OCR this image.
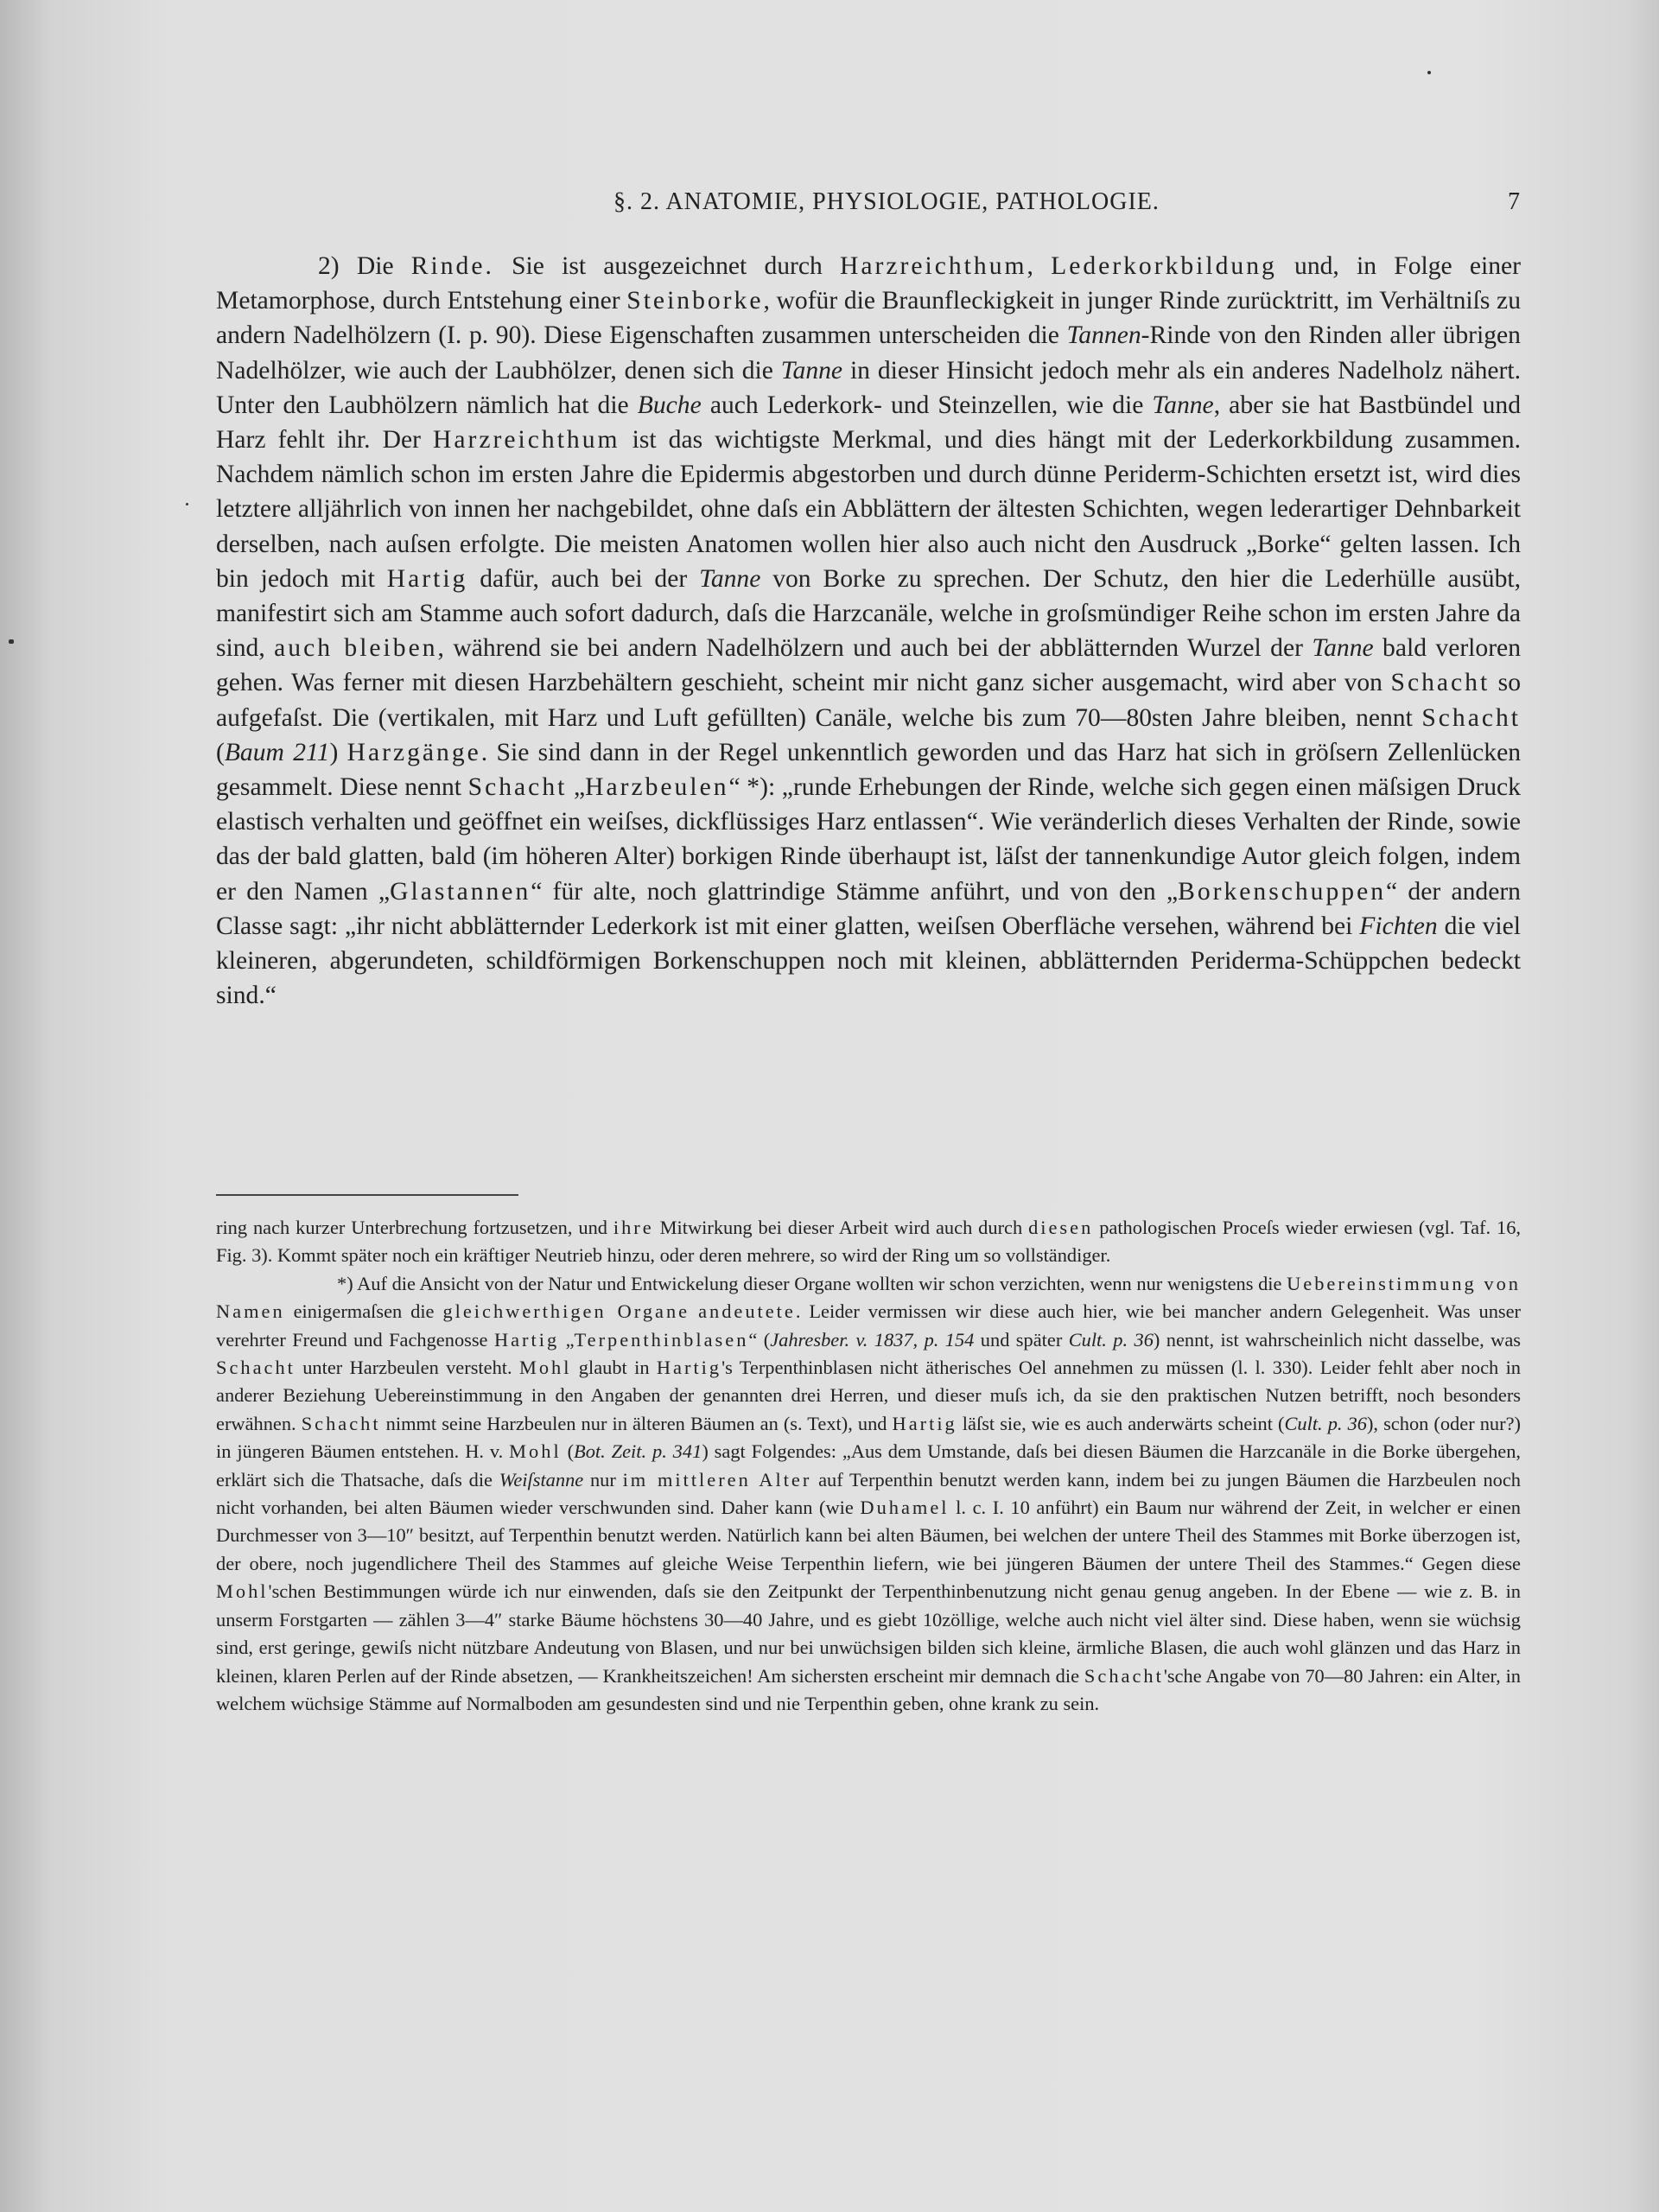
§. 2. ANATOMIE, PHYSIOLOGIE, PATHOLOGIE.	7

2) Die Rinde. Sie ist ausgezeichnet durch Harzreichthum, Lederkorkbildung und, in Folge einer Metamorphose, durch Entstehung einer Steinborke, wofür die Braunfleckigkeit in junger Rinde zurücktritt, im Verhältniſs zu andern Nadelhölzern (I. p. 90). Diese Eigenschaften zusammen unterscheiden die Tannen-Rinde von den Rinden aller übrigen Nadelhölzer, wie auch der Laubhölzer, denen sich die Tanne in dieser Hinsicht jedoch mehr als ein anderes Nadelholz nähert. Unter den Laubhölzern nämlich hat die Buche auch Lederkork- und Steinzellen, wie die Tanne, aber sie hat Bastbündel und Harz fehlt ihr. Der Harzreichthum ist das wichtigste Merkmal, und dies hängt mit der Lederkorkbildung zusammen. Nachdem nämlich schon im ersten Jahre die Epidermis abgestorben und durch dünne Periderm-Schichten ersetzt ist, wird dies letztere alljährlich von innen her nachgebildet, ohne daſs ein Abblättern der ältesten Schichten, wegen lederartiger Dehnbarkeit derselben, nach auſsen erfolgte. Die meisten Anatomen wollen hier also auch nicht den Ausdruck „Borke“ gelten lassen. Ich bin jedoch mit Hartig dafür, auch bei der Tanne von Borke zu sprechen. Der Schutz, den hier die Lederhülle ausübt, manifestirt sich am Stamme auch sofort dadurch, daſs die Harzcanäle, welche in groſsmündiger Reihe schon im ersten Jahre da sind, auch bleiben, während sie bei andern Nadelhölzern und auch bei der abblätternden Wurzel der Tanne bald verloren gehen. Was ferner mit diesen Harzbehältern geschieht, scheint mir nicht ganz sicher ausgemacht, wird aber von Schacht so aufgefaſst. Die (vertikalen, mit Harz und Luft gefüllten) Canäle, welche bis zum 70—80sten Jahre bleiben, nennt Schacht (Baum 211) Harzgänge. Sie sind dann in der Regel unkenntlich geworden und das Harz hat sich in gröſsern Zellenlücken gesammelt. Diese nennt Schacht „Harzbeulen“ *): „runde Erhebungen der Rinde, welche sich gegen einen mäſsigen Druck elastisch verhalten und geöffnet ein weiſses, dickflüssiges Harz entlassen“. Wie veränderlich dieses Verhalten der Rinde, sowie das der bald glatten, bald (im höheren Alter) borkigen Rinde überhaupt ist, läſst der tannenkundige Autor gleich folgen, indem er den Namen „Glastannen“ für alte, noch glattrindige Stämme anführt, und von den „Borkenschuppen“ der andern Classe sagt: „ihr nicht abblätternder Lederkork ist mit einer glatten, weiſsen Oberfläche versehen, während bei Fichten die viel kleineren, abgerundeten, schildförmigen Borkenschuppen noch mit kleinen, abblätternden Periderma-Schüppchen bedeckt sind.“

ring nach kurzer Unterbrechung fortzusetzen, und ihre Mitwirkung bei dieser Arbeit wird auch durch diesen pathologischen Proceſs wieder erwiesen (vgl. Taf. 16, Fig. 3). Kommt später noch ein kräftiger Neutrieb hinzu, oder deren mehrere, so wird der Ring um so vollständiger.

*) Auf die Ansicht von der Natur und Entwickelung dieser Organe wollten wir schon verzichten, wenn nur wenigstens die Uebereinstimmung von Namen einigermaſsen die gleichwerthigen Organe andeutete. Leider vermissen wir diese auch hier, wie bei mancher andern Gelegenheit. Was unser verehrter Freund und Fachgenosse Hartig „Terpenthinblasen“ (Jahresber. v. 1837, p. 154 und später Cult. p. 36) nennt, ist wahrscheinlich nicht dasselbe, was Schacht unter Harzbeulen versteht. Mohl glaubt in Hartig's Terpenthinblasen nicht ätherisches Oel annehmen zu müssen (l. l. 330). Leider fehlt aber noch in anderer Beziehung Uebereinstimmung in den Angaben der genannten drei Herren, und dieser muſs ich, da sie den praktischen Nutzen betrifft, noch besonders erwähnen. Schacht nimmt seine Harzbeulen nur in älteren Bäumen an (s. Text), und Hartig läſst sie, wie es auch anderwärts scheint (Cult. p. 36), schon (oder nur?) in jüngeren Bäumen entstehen. H. v. Mohl (Bot. Zeit. p. 341) sagt Folgendes: „Aus dem Umstande, daſs bei diesen Bäumen die Harzcanäle in die Borke übergehen, erklärt sich die Thatsache, daſs die Weiſstanne nur im mittleren Alter auf Terpenthin benutzt werden kann, indem bei zu jungen Bäumen die Harzbeulen noch nicht vorhanden, bei alten Bäumen wieder verschwunden sind. Daher kann (wie Duhamel l. c. I. 10 anführt) ein Baum nur während der Zeit, in welcher er einen Durchmesser von 3—10″ besitzt, auf Terpenthin benutzt werden. Natürlich kann bei alten Bäumen, bei welchen der untere Theil des Stammes mit Borke überzogen ist, der obere, noch jugendlichere Theil des Stammes auf gleiche Weise Terpenthin liefern, wie bei jüngeren Bäumen der untere Theil des Stammes.“ Gegen diese Mohl'schen Bestimmungen würde ich nur einwenden, daſs sie den Zeitpunkt der Terpenthinbenutzung nicht genau genug angeben. In der Ebene — wie z. B. in unserm Forstgarten — zählen 3—4″ starke Bäume höchstens 30—40 Jahre, und es giebt 10zöllige, welche auch nicht viel älter sind. Diese haben, wenn sie wüchsig sind, erst geringe, gewiſs nicht nützbare Andeutung von Blasen, und nur bei unwüchsigen bilden sich kleine, ärmliche Blasen, die auch wohl glänzen und das Harz in kleinen, klaren Perlen auf der Rinde absetzen, — Krankheitszeichen! Am sichersten erscheint mir demnach die Schacht'sche Angabe von 70—80 Jahren: ein Alter, in welchem wüchsige Stämme auf Normalboden am gesundesten sind und nie Terpenthin geben, ohne krank zu sein.
